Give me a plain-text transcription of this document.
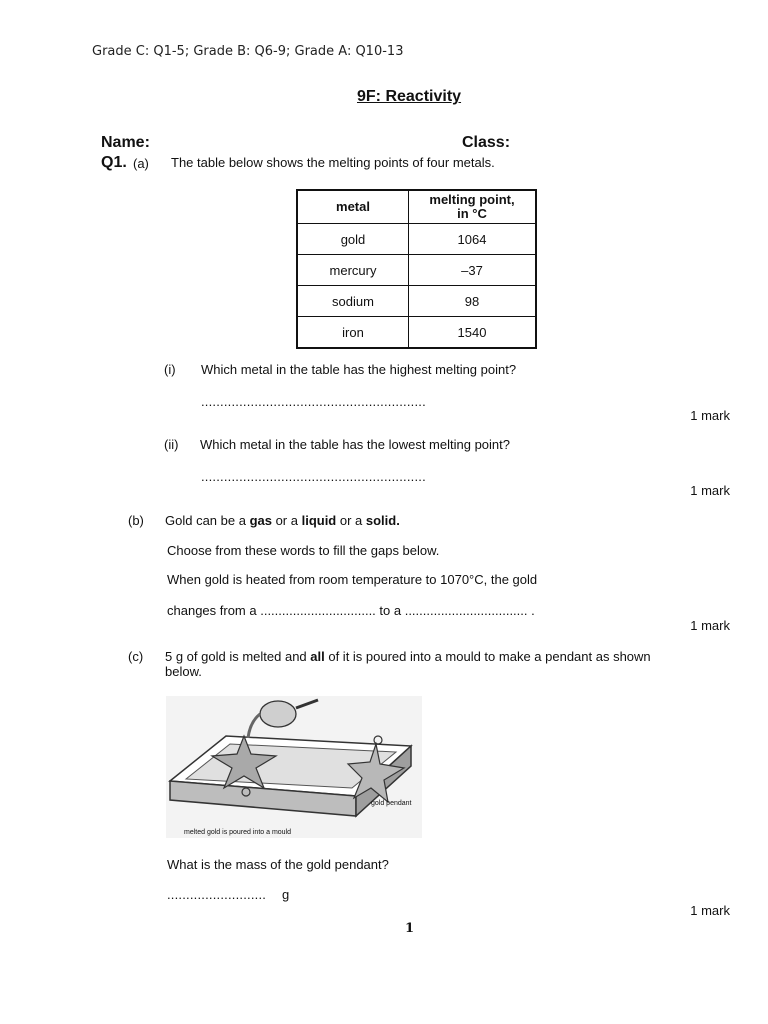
Grade C: Q1-5; Grade B: Q6-9; Grade A: Q10-13
9F: Reactivity
Name:	Class:
Q1. (a) The table below shows the melting points of four metals.
metal	melting point,
in °C
gold	1064
mercury	–37
sodium	98
iron	1540
(i) Which metal in the table has the highest melting point?
...........................................................
1 mark
(ii) Which metal in the table has the lowest melting point?
...........................................................
1 mark
(b) Gold can be a gas or a liquid or a solid.
Choose from these words to fill the gaps below.
When gold is heated from room temperature to 1070°C, the gold
changes from a ................................ to a .................................. .
1 mark
(c) 5 g of gold is melted and all of it is poured into a mould to make a pendant as shown
below.
gold pendant
melted gold is poured into a mould
What is the mass of the gold pendant?
.......................... g
1 mark
1
